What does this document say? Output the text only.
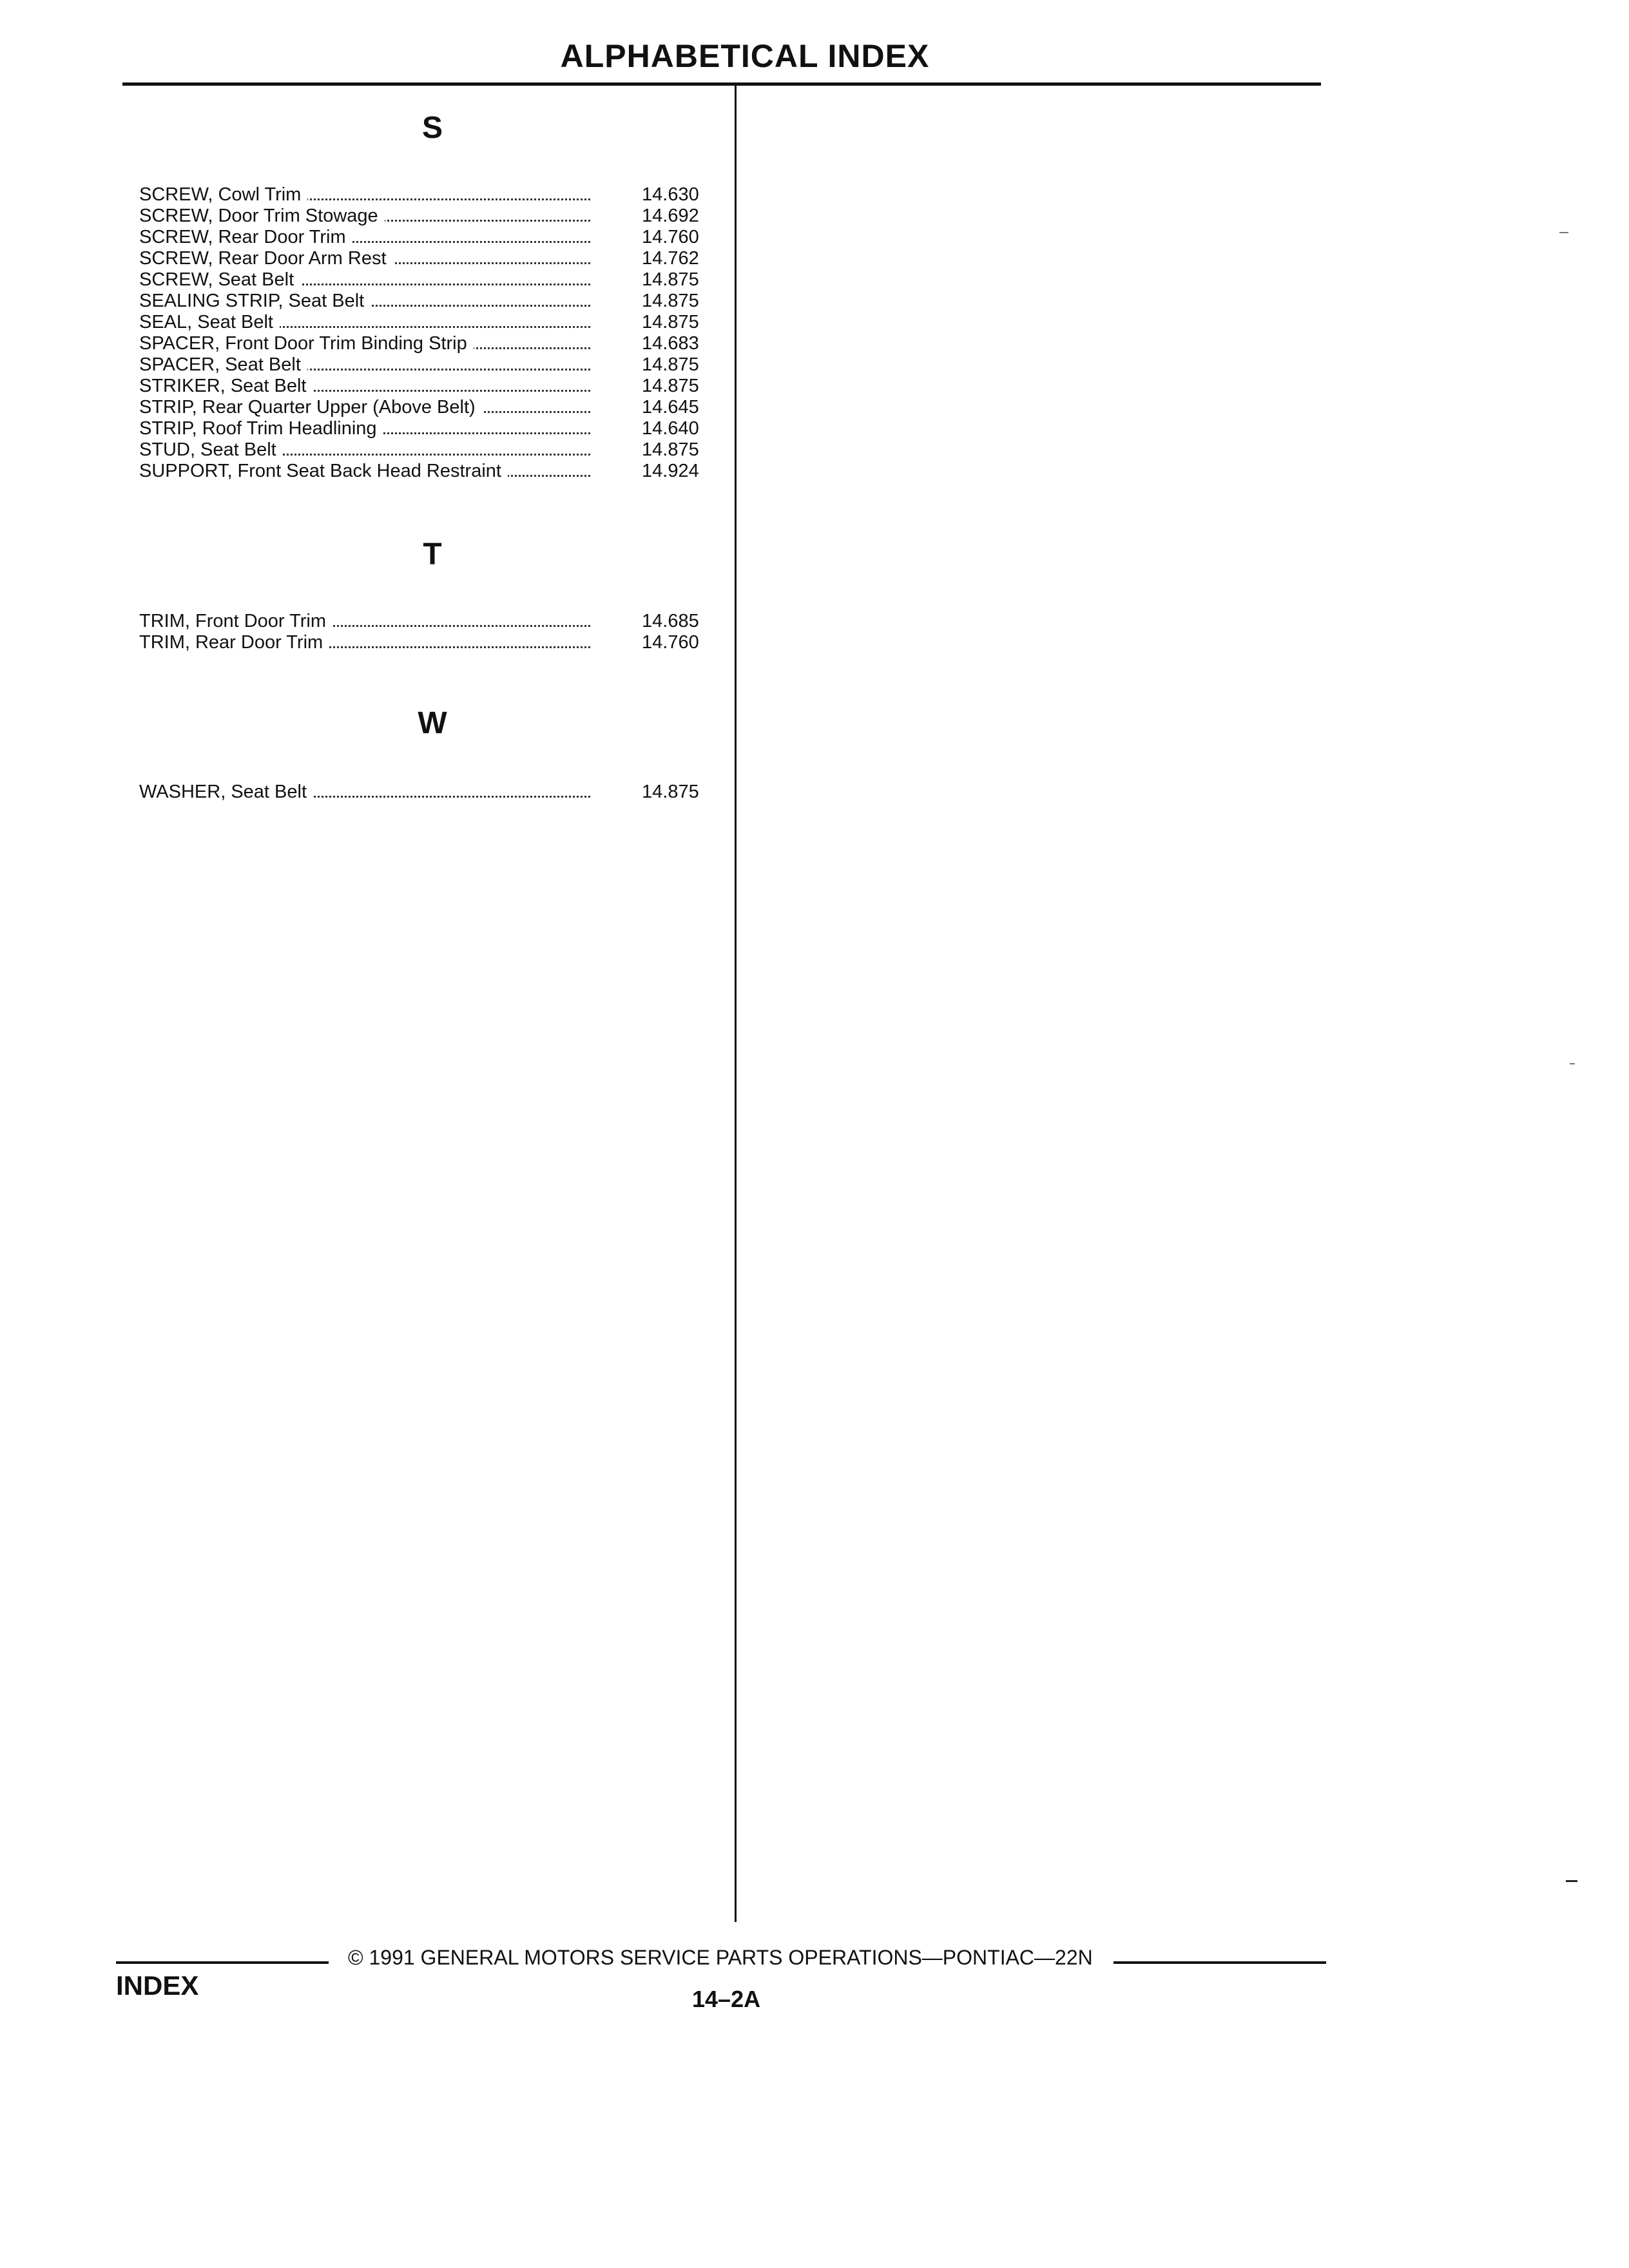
ALPHABETICAL INDEX
S
SCREW, Cowl Trim	14.630
SCREW, Door Trim Stowage	14.692
SCREW, Rear Door Trim	14.760
SCREW, Rear Door Arm Rest	14.762
SCREW, Seat Belt	14.875
SEALING STRIP, Seat Belt	14.875
SEAL, Seat Belt	14.875
SPACER, Front Door Trim Binding Strip	14.683
SPACER, Seat Belt	14.875
STRIKER, Seat Belt	14.875
STRIP, Rear Quarter Upper (Above Belt)	14.645
STRIP, Roof Trim Headlining	14.640
STUD, Seat Belt	14.875
SUPPORT, Front Seat Back Head Restraint	14.924
T
TRIM, Front Door Trim	14.685
TRIM, Rear Door Trim	14.760
W
WASHER, Seat Belt	14.875
© 1991 GENERAL MOTORS SERVICE PARTS OPERATIONS—PONTIAC—22N
INDEX	14–2A
